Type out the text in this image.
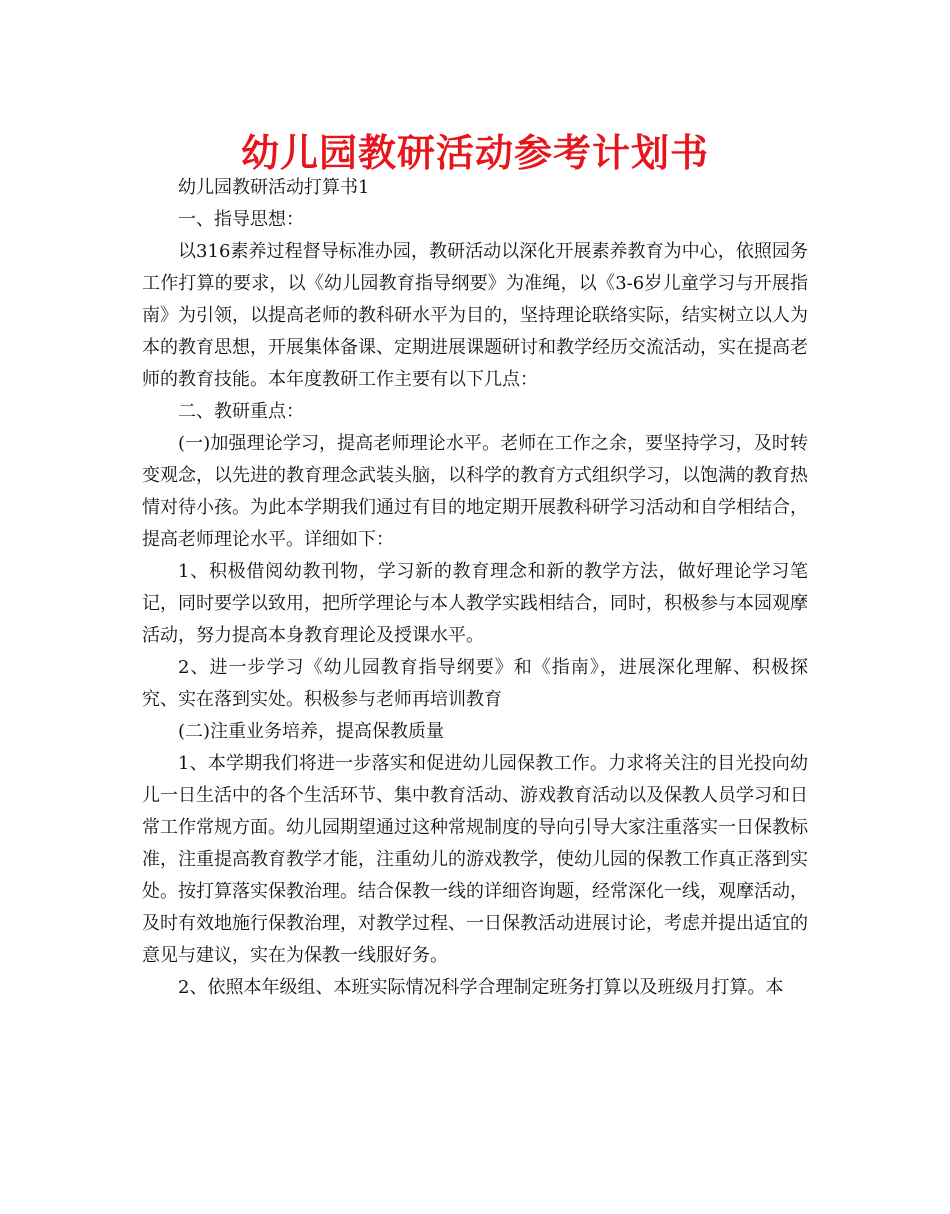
幼儿园教研活动参考计划书

幼儿园教研活动打算书1

一、指导思想：

以316素养过程督导标准办园，教研活动以深化开展素养教育为中心，依照园务工作打算的要求，以《幼儿园教育指导纲要》为准绳，以《3-6岁儿童学习与开展指南》为引领，以提高老师的教科研水平为目的，坚持理论联络实际，结实树立以人为本的教育思想，开展集体备课、定期进展课题研讨和教学经历交流活动，实在提高老师的教育技能。本年度教研工作主要有以下几点：

二、教研重点：

(一)加强理论学习，提高老师理论水平。老师在工作之余，要坚持学习，及时转变观念，以先进的教育理念武装头脑，以科学的教育方式组织学习，以饱满的教育热情对待小孩。为此本学期我们通过有目的地定期开展教科研学习活动和自学相结合，提高老师理论水平。详细如下：

1、积极借阅幼教刊物，学习新的教育理念和新的教学方法，做好理论学习笔记，同时要学以致用，把所学理论与本人教学实践相结合，同时，积极参与本园观摩活动，努力提高本身教育理论及授课水平。

2、进一步学习《幼儿园教育指导纲要》和《指南》，进展深化理解、积极探究、实在落到实处。积极参与老师再培训教育

(二)注重业务培养，提高保教质量

1、本学期我们将进一步落实和促进幼儿园保教工作。力求将关注的目光投向幼儿一日生活中的各个生活环节、集中教育活动、游戏教育活动以及保教人员学习和日常工作常规方面。幼儿园期望通过这种常规制度的导向引导大家注重落实一日保教标准，注重提高教育教学才能，注重幼儿的游戏教学，使幼儿园的保教工作真正落到实处。按打算落实保教治理。结合保教一线的详细咨询题，经常深化一线，观摩活动，及时有效地施行保教治理，对教学过程、一日保教活动进展讨论，考虑并提出适宜的意见与建议，实在为保教一线服好务。

2、依照本年级组、本班实际情况科学合理制定班务打算以及班级月打算。本
